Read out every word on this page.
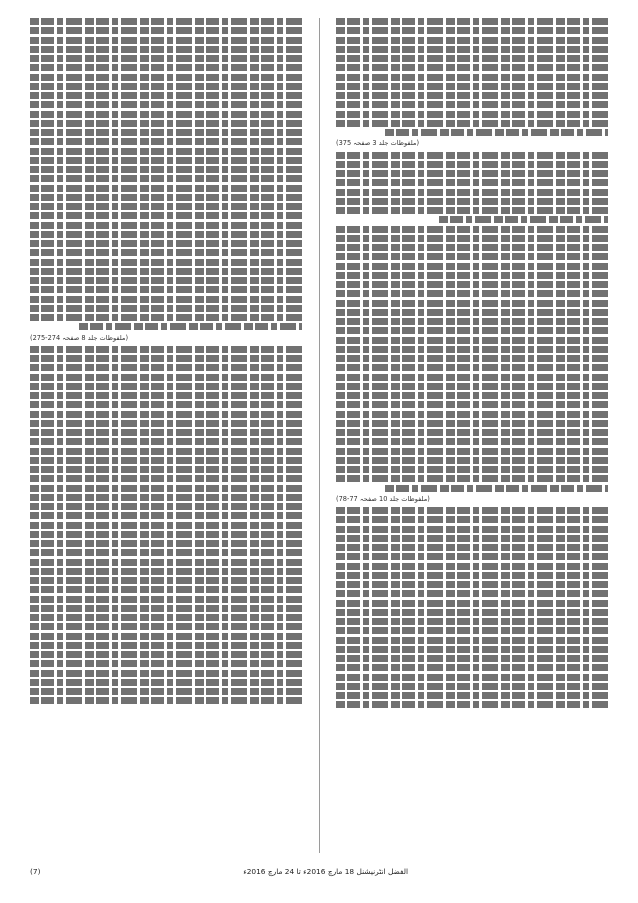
(ملفوظات جلد 3 صفحہ 375)
(ملفوظات جلد 10 صفحہ 77-78)
(ملفوظات جلد 8 صفحہ 274-275)
الفضل انٹرنیشنل 18 مارچ 2016ء تا 24 مارچ 2016ء
(7)
